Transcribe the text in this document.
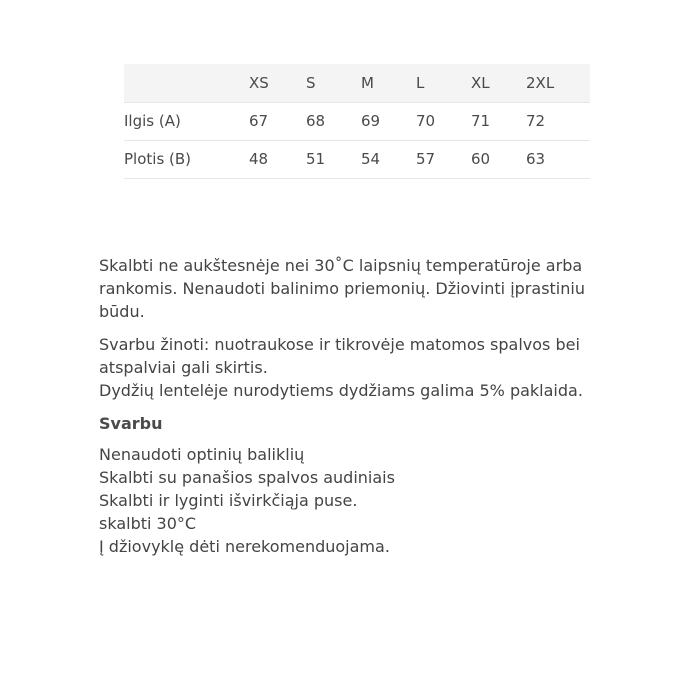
	XS	S	M	L	XL	2XL
Ilgis (A)	67	68	69	70	71	72
Plotis (B)	48	51	54	57	60	63

Skalbti ne aukštesnėje nei 30˚C laipsnių temperatūroje arba rankomis. Nenaudoti balinimo priemonių. Džiovinti įprastiniu būdu.

Svarbu žinoti: nuotraukose ir tikrovėje matomos spalvos bei atspalviai gali skirtis.

Dydžių lentelėje nurodytiems dydžiams galima 5% paklaida.

Svarbu
Nenaudoti optinių baliklių
Skalbti su panašios spalvos audiniais
Skalbti ir lyginti išvirkčiąja puse.
skalbti 30°C
Į džiovyklę dėti nerekomenduojama.
